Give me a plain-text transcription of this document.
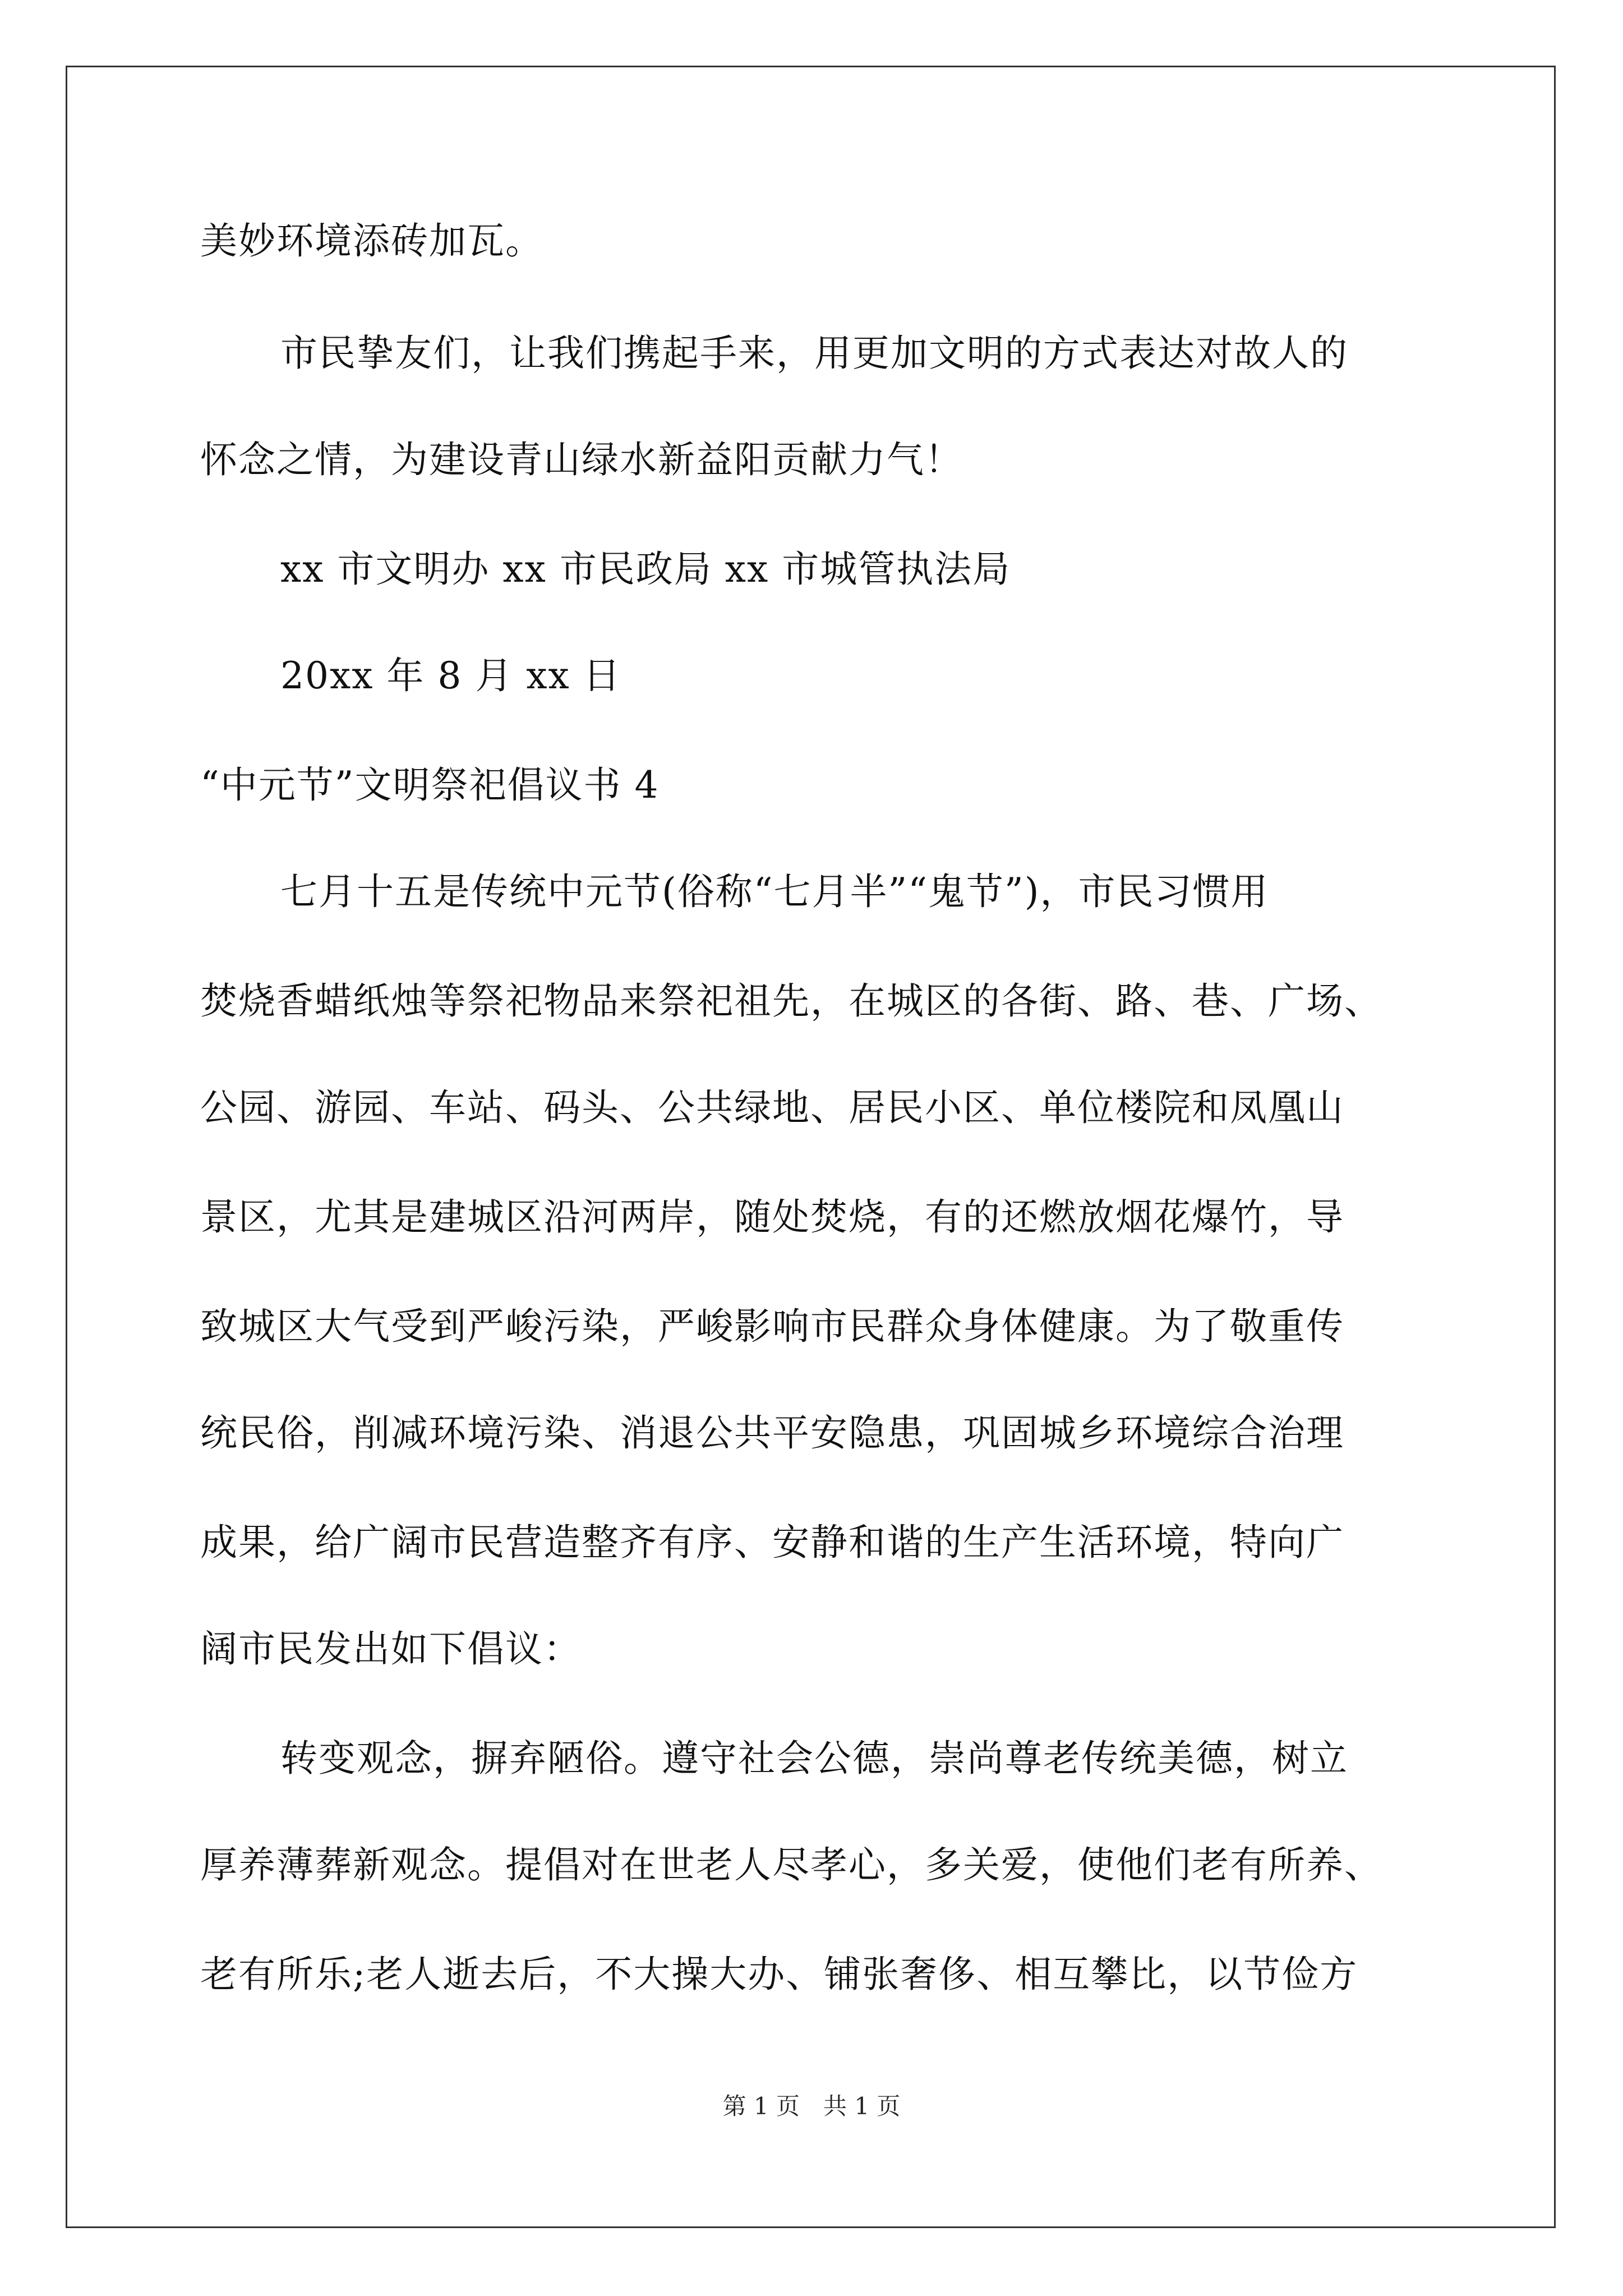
美妙环境添砖加瓦。
市民挚友们，让我们携起手来，用更加文明的方式表达对故人的
怀念之情，为建设青山绿水新益阳贡献力气！
xx 市文明办 xx 市民政局 xx 市城管执法局
20xx 年 8 月 xx 日
“中元节”文明祭祀倡议书 4
七月十五是传统中元节(俗称“七月半”“鬼节”)，市民习惯用
焚烧香蜡纸烛等祭祀物品来祭祀祖先，在城区的各街、路、巷、广场、
公园、游园、车站、码头、公共绿地、居民小区、单位楼院和凤凰山
景区，尤其是建城区沿河两岸，随处焚烧，有的还燃放烟花爆竹，导
致城区大气受到严峻污染，严峻影响市民群众身体健康。为了敬重传
统民俗，削减环境污染、消退公共平安隐患，巩固城乡环境综合治理
成果，给广阔市民营造整齐有序、安静和谐的生产生活环境，特向广
阔市民发出如下倡议：
转变观念，摒弃陋俗。遵守社会公德，崇尚尊老传统美德，树立
厚养薄葬新观念。提倡对在世老人尽孝心，多关爱，使他们老有所养、
老有所乐;老人逝去后，不大操大办、铺张奢侈、相互攀比，以节俭方
第 1 页　共 1 页
